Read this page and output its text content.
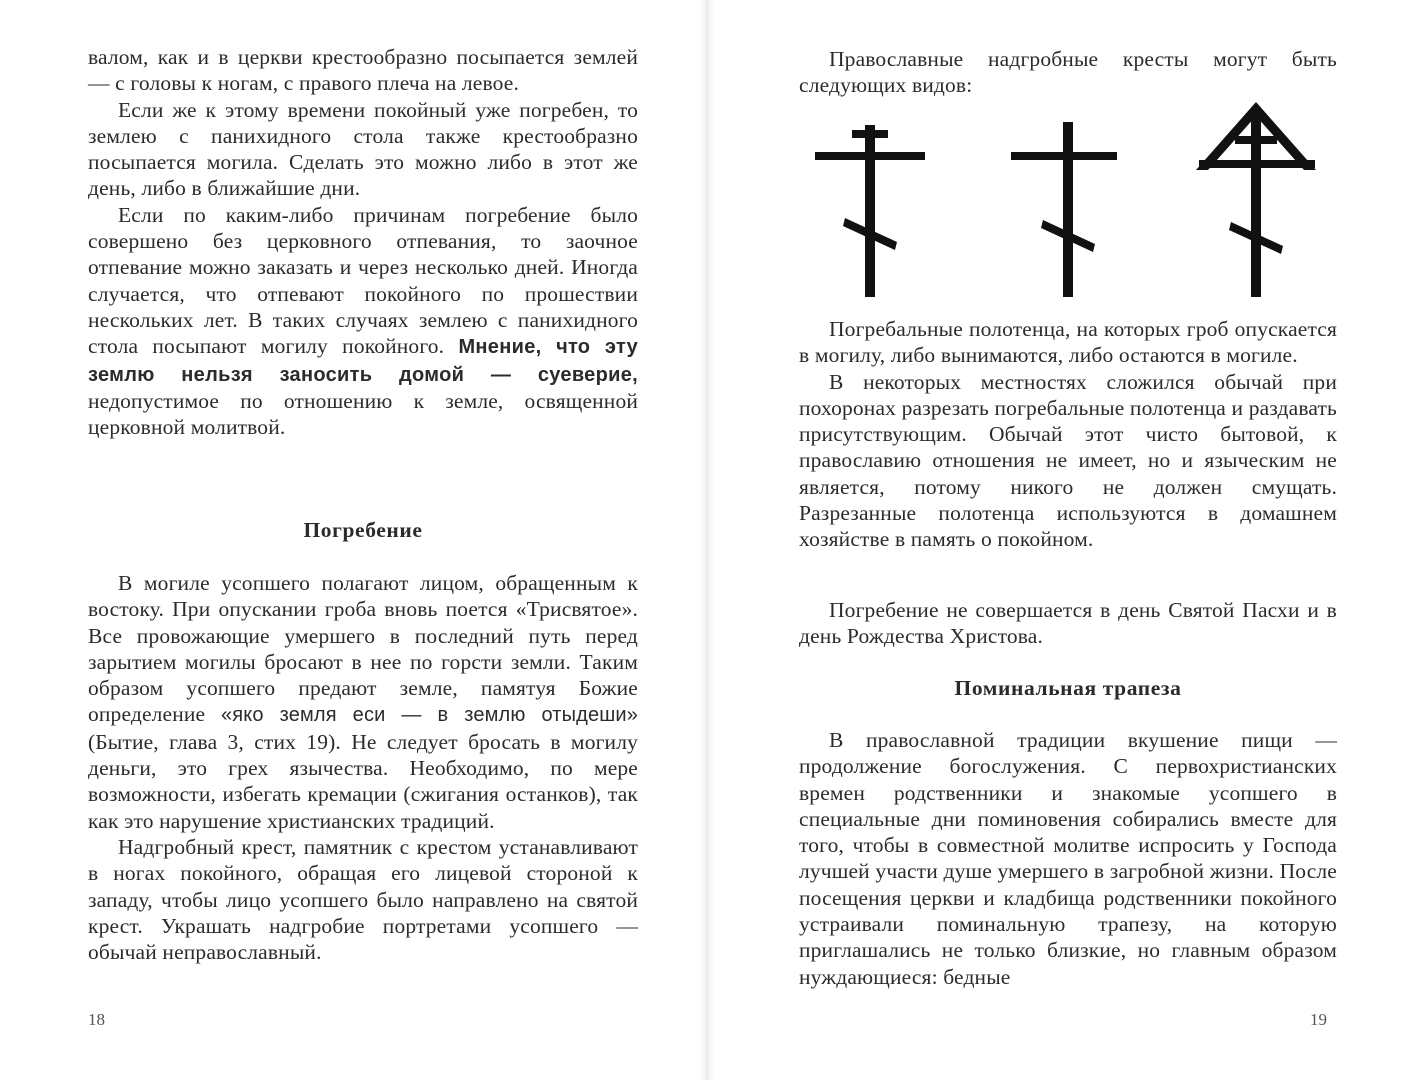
валом, как и в церкви крестообразно посыпается землей — с головы к ногам, с правого плеча на левое.

Если же к этому времени покойный уже погребен, то землею с панихидного стола также крестообразно посыпается могила. Сделать это можно либо в этот же день, либо в ближайшие дни.

Если по каким-либо причинам погребение было совершено без церковного отпевания, то заочное отпевание можно заказать и через несколько дней. Иногда случается, что отпевают покойного по прошествии нескольких лет. В таких случаях землею с панихидного стола посыпают могилу покойного. Мнение, что эту землю нельзя заносить домой — суеверие, недопустимое по отношению к земле, освященной церковной молитвой.

Погребение

В могиле усопшего полагают лицом, обращенным к востоку. При опускании гроба вновь поется «Трисвятое». Все провожающие умершего в последний путь перед зарытием могилы бросают в нее по горсти земли. Таким образом усопшего предают земле, памятуя Божие определение «яко земля еси — в землю отыдеши» (Бытие, глава 3, стих 19). Не следует бросать в могилу деньги, это грех язычества. Необходимо, по мере возможности, избегать кремации (сжигания останков), так как это нарушение христианских традиций.

Надгробный крест, памятник с крестом устанавливают в ногах покойного, обращая его лицевой стороной к западу, чтобы лицо усопшего было направлено на святой крест. Украшать надгробие портретами усопшего — обычай неправославный.

18

Православные надгробные кресты могут быть следующих видов:

Погребальные полотенца, на которых гроб опускается в могилу, либо вынимаются, либо остаются в могиле.

В некоторых местностях сложился обычай при похоронах разрезать погребальные полотенца и раздавать присутствующим. Обычай этот чисто бытовой, к православию отношения не имеет, но и языческим не является, потому никого не должен смущать. Разрезанные полотенца используются в домашнем хозяйстве в память о покойном.

Погребение не совершается в день Святой Пасхи и в день Рождества Христова.

Поминальная трапеза

В православной традиции вкушение пищи — продолжение богослужения. С первохристианских времен родственники и знакомые усопшего в специальные дни поминовения собирались вместе для того, чтобы в совместной молитве испросить у Господа лучшей участи душе умершего в загробной жизни. После посещения церкви и кладбища родственники покойного устраивали поминальную трапезу, на которую приглашались не только близкие, но главным образом нуждающиеся: бедные

19
